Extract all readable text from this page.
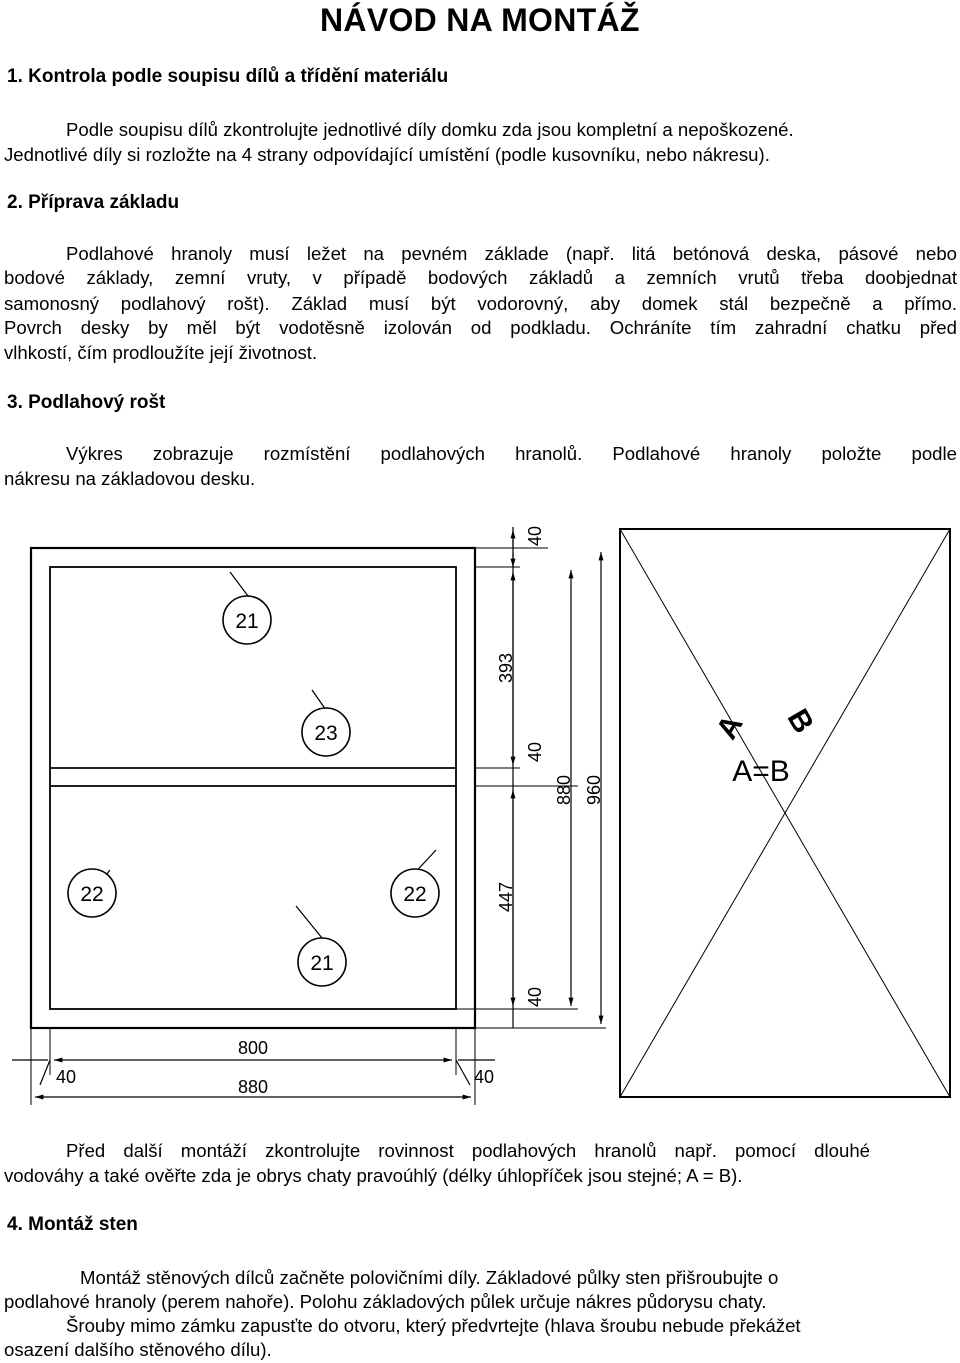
NÁVOD NA MONTÁŽ
1. Kontrola podle soupisu dílů a třídění materiálu
Podle soupisu dílů zkontrolujte jednotlivé díly domku zda jsou kompletní a nepoškozené.
Jednotlivé díly si rozložte na 4 strany odpovídající umístění (podle kusovníku, nebo nákresu).
2. Příprava základu
Podlahové hranoly musí ležet na pevném základe (např. litá betónová deska, pásové nebo
bodové základy, zemní vruty, v případě bodových základů a zemních vrutů třeba doobjednat
samonosný podlahový rošt). Základ musí být vodorovný, aby domek stál bezpečně a přímo.
Povrch desky by měl být vodotěsně izolován od podkladu. Ochráníte tím zahradní chatku před
vlhkostí, čím prodloužíte její životnost.
3. Podlahový rošt
Výkres zobrazuje rozmístění podlahových hranolů. Podlahové hranoly položte podle
nákresu na základovou desku.
21
23
22	22
21
40
393
40
447
40
880 960
800
40	880	40
A B
A=B
Před další montáží zkontrolujte rovinnost podlahových hranolů např. pomocí dlouhé
vodováhy a také ověřte zda je obrys chaty pravoúhlý (délky úhlopříček jsou stejné; A = B).
4. Montáž sten
Montáž stěnových dílců začněte polovičními díly. Základové půlky sten přišroubujte o
podlahové hranoly (perem nahoře). Polohu základových půlek určuje nákres půdorysu chaty.
Šrouby mimo zámku zapusťte do otvoru, který předvrtejte (hlava šroubu nebude překážet
osazení dalšího stěnového dílu).
